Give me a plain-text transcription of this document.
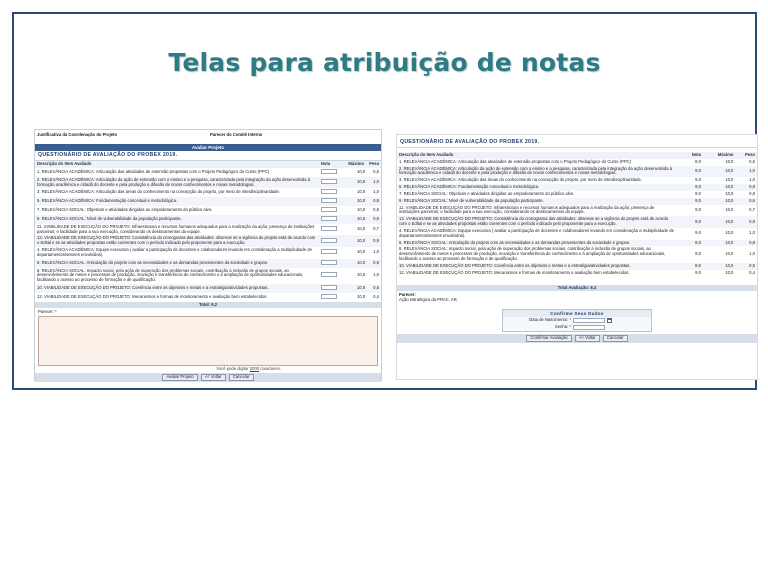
Telas para atribuição de notas
Justificativa da Coordenação do Projeto	Parecer do Comitê Interno
Avaliar Projeto
QUESTIONÁRIO DE AVALIAÇÃO DO PROBEX 2019.
Descrição do Item Avaliado	Nota	Máximo	Peso
1. RELEVÂNCIA ACADÊMICA: Articulação das atividades de extensão propostas com o Projeto Pedagógico do Curso (PPC)		10,0	0,5
2. RELEVÂNCIA ACADÊMICA: Articulação da ação de extensão com o ensino e a pesquisa, caracterizada pela integração da ação desenvolvida à formação acadêmica e cidadã do docente e pela produção e difusão de novos conhecimentos e novas metodologias.		10,0	1,0
3. RELEVÂNCIA ACADÊMICA: Articulação das áreas do conhecimento na concepção do projeto, por meio de interdisciplinaridade.		10,0	1,0
5. RELEVÂNCIA ACADÊMICA: Fundamentação conceitual e metodológica.		10,0	0,8
7. RELEVÂNCIA SOCIAL: Objetivos e atividades dirigidas ao empoderamento do público alvo.		10,0	0,8
9. RELEVÂNCIA SOCIAL: Nível de vulnerabilidade da população participante.		10,0	0,6
11. VIABILIDADE DE EXECUÇÃO DO PROJETO: Infraestrutura e recursos humanos adequados para a realização da ação; presença de instituições parceiras; e facilidade para a sua execução, considerando os deslocamentos da equipe.		10,0	0,7
13. VIABILIDADE DE EXECUÇÃO DO PROJETO: Consistência do cronograma das atividades: observar se a vigência do projeto está de acordo com o Edital e se as atividades propostas estão coerentes com o período indicado pelo proponente para a execução.		10,0	0,9
4. RELEVÂNCIA ACADÊMICA: Equipe executora ( avaliar a participação de docentes e colaboradores levando em consideração a multiplicidade de departamentos/setores envolvidos).		10,0	1,0
6. RELEVÂNCIA SOCIAL: Articulação do projeto com as necessidades e as demandas provenientes da sociedade e grupos.		10,0	0,8
8. RELEVÂNCIA SOCIAL: Impacto social, pela ação de superação dos problemas sociais, contribuição à inclusão de grupos sociais, ao desenvolvimento de meios e processos de produção, inovação e transferência de conhecimento e à ampliação de oportunidades educacionais, facilitando o acesso ao processo de formação e de qualificação.		10,0	1,0
10. VIABILIDADE DE EXECUÇÃO DO PROJETO: Coerência entre os objetivos e metas e a estratégia/atividades propostas.		10,0	0,5
12. VIABILIDADE DE EXECUÇÃO DO PROJETO: Mecanismos e formas de monitoramento e avaliação bem estabelecidos.		10,0	0,4
Total: 9,2
Parecer: *
Você pode digitar 2000 caracteres.
Avaliar Projeto	<< Voltar	Cancelar
QUESTIONÁRIO DE AVALIAÇÃO DO PROBEX 2019.
Descrição do Item Avaliado	Nota	Máximo	Peso
1. RELEVÂNCIA ACADÊMICA: Articulação das atividades de extensão propostas com o Projeto Pedagógico do Curso (PPC)	8,0	10,0	0,5
2. RELEVÂNCIA ACADÊMICA: Articulação da ação de extensão com o ensino e a pesquisa, caracterizada pela integração da ação desenvolvida à formação acadêmica e cidadã do docente e pela produção e difusão de novos conhecimentos e novas metodologias.	9,0	10,0	1,0
3. RELEVÂNCIA ACADÊMICA: Articulação das áreas do conhecimento na concepção do projeto, por meio de interdisciplinaridade.	9,0	10,0	1,0
5. RELEVÂNCIA ACADÊMICA: Fundamentação conceitual e metodológica.	9,0	10,0	0,8
7. RELEVÂNCIA SOCIAL: Objetivos e atividades dirigidas ao empoderamento do público alvo.	9,0	10,0	0,8
9. RELEVÂNCIA SOCIAL: Nível de vulnerabilidade da população participante.	9,0	10,0	0,6
11. VIABILIDADE DE EXECUÇÃO DO PROJETO: Infraestrutura e recursos humanos adequados para a realização da ação; presença de instituições parceiras; e facilidade para a sua execução, considerando os deslocamentos da equipe.	9,0	10,0	0,7
13. VIABILIDADE DE EXECUÇÃO DO PROJETO: Consistência do cronograma das atividades: observar se a vigência do projeto está de acordo com o Edital e se as atividades propostas estão coerentes com o período indicado pelo proponente para a execução.	9,0	10,0	0,9
4. RELEVÂNCIA ACADÊMICA: Equipe executora ( avaliar a participação de docentes e colaboradores levando em consideração a multiplicidade de departamentos/setores envolvidos).	9,0	10,0	1,0
6. RELEVÂNCIA SOCIAL: Articulação do projeto com as necessidades e as demandas provenientes da sociedade e grupos.	8,0	10,0	0,8
8. RELEVÂNCIA SOCIAL: Impacto social, pela ação de superação dos problemas sociais, contribuição à inclusão de grupos sociais, ao desenvolvimento de meios e processos de produção, inovação e transferência de conhecimento e à ampliação de oportunidades educacionais, facilitando o acesso ao processo de formação e de qualificação.	9,0	10,0	1,0
10. VIABILIDADE DE EXECUÇÃO DO PROJETO: Coerência entre os objetivos e metas e a estratégia/atividades propostas.	8,0	10,0	0,5
12. VIABILIDADE DE EXECUÇÃO DO PROJETO: Mecanismos e formas de monitoramento e avaliação bem estabelecidos.	9,0	10,0	0,4
Total Avaliação: 8,4
Parecer:
Ação estratégica da PRAC. AR.
Confirme Seus Dados
Data de Nascimento: *
Senha: *
Confirmar Avaliação	<< Voltar	Cancelar
